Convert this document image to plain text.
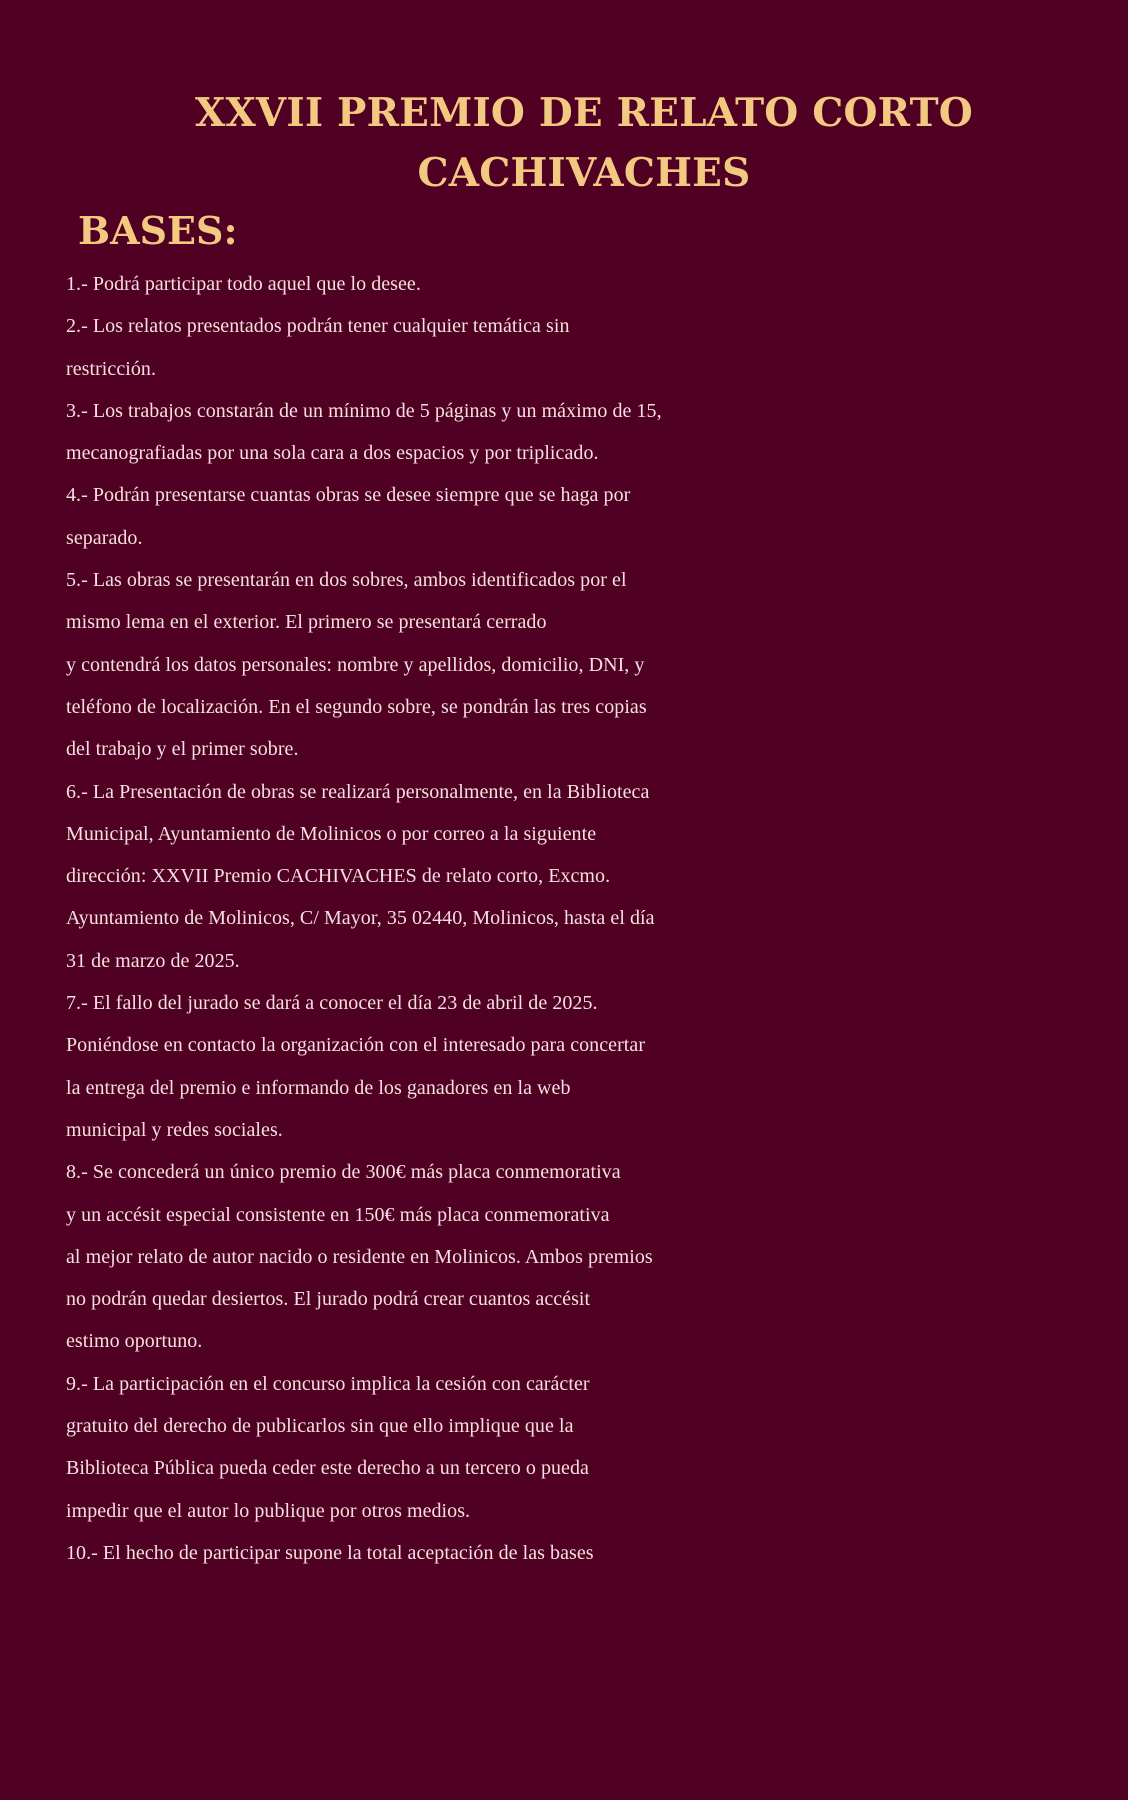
XXVII PREMIO DE RELATO CORTO
CACHIVACHES
BASES:
1.- Podrá participar todo aquel que lo desee.
2.- Los relatos presentados podrán tener cualquier temática sin
restricción.
3.- Los trabajos constarán de un mínimo de 5 páginas y un máximo de 15,
mecanografiadas por una sola cara a dos espacios y por triplicado.
4.- Podrán presentarse cuantas obras se desee siempre que se haga por
separado.
5.- Las obras se presentarán en dos sobres, ambos identificados por el
mismo lema en el exterior. El primero se presentará cerrado
y contendrá los datos personales: nombre y apellidos, domicilio, DNI, y
teléfono de localización. En el segundo sobre, se pondrán las tres copias
del trabajo y el primer sobre.
6.- La Presentación de obras se realizará personalmente, en la Biblioteca
Municipal, Ayuntamiento de Molinicos o por correo a la siguiente
dirección: XXVII Premio CACHIVACHES de relato corto, Excmo.
Ayuntamiento de Molinicos, C/ Mayor, 35 02440, Molinicos, hasta el día
31 de marzo de 2025.
7.- El fallo del jurado se dará a conocer el día 23 de abril de 2025.
Poniéndose en contacto la organización con el interesado para concertar
la entrega del premio e informando de los ganadores en la web
municipal y redes sociales.
8.- Se concederá un único premio de 300€ más placa conmemorativa
y un accésit especial consistente en 150€ más placa conmemorativa
al mejor relato de autor nacido o residente en Molinicos. Ambos premios
no podrán quedar desiertos. El jurado podrá crear cuantos accésit
estimo oportuno.
9.- La participación en el concurso implica la cesión con carácter
gratuito del derecho de publicarlos sin que ello implique que la
Biblioteca Pública pueda ceder este derecho a un tercero o pueda
impedir que el autor lo publique por otros medios.
10.- El hecho de participar supone la total aceptación de las bases
